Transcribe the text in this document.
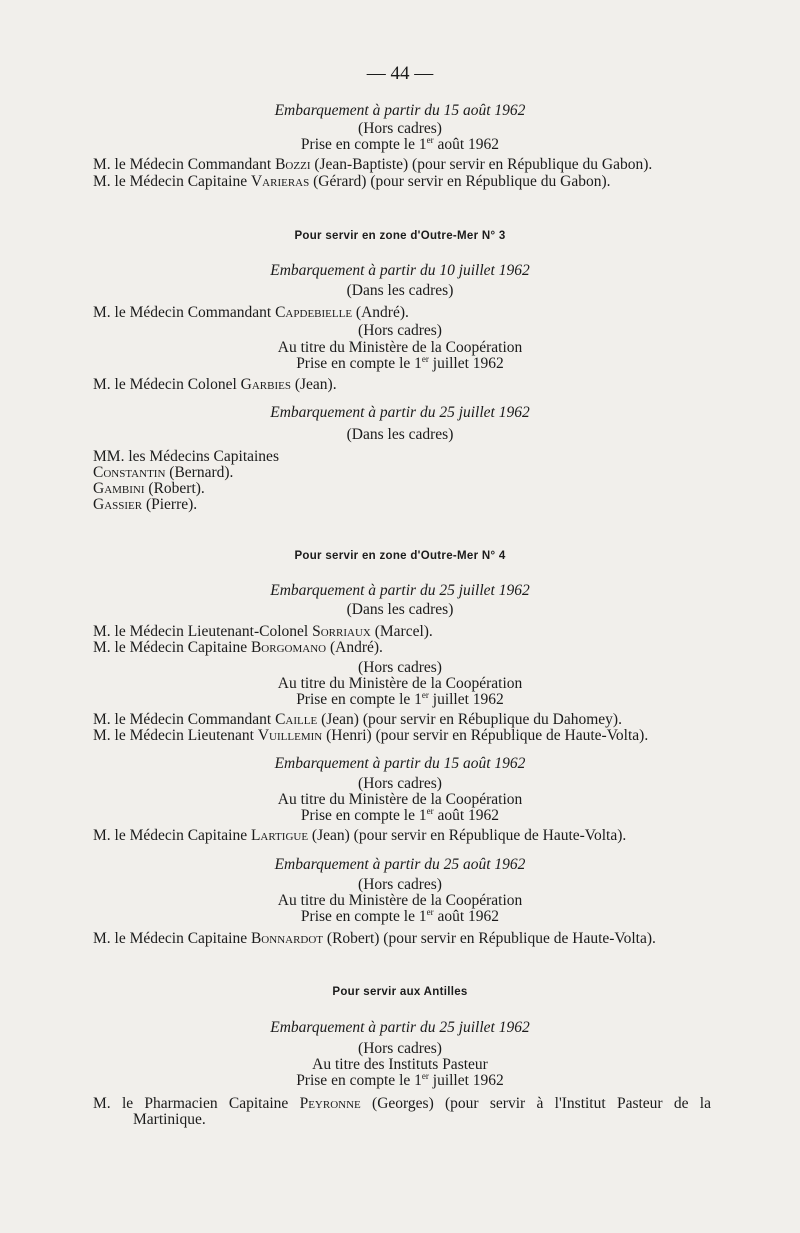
— 44 —
Embarquement à partir du 15 août 1962
(Hors cadres)
Prise en compte le 1er août 1962
M. le Médecin Commandant Bozzi (Jean-Baptiste) (pour servir en République du Gabon).
M. le Médecin Capitaine Varieras (Gérard) (pour servir en République du Gabon).
Pour servir en zone d'Outre-Mer N° 3
Embarquement à partir du 10 juillet 1962
(Dans les cadres)
M. le Médecin Commandant Capdebielle (André).
(Hors cadres)
Au titre du Ministère de la Coopération
Prise en compte le 1er juillet 1962
M. le Médecin Colonel Garbies (Jean).
Embarquement à partir du 25 juillet 1962
(Dans les cadres)
MM. les Médecins Capitaines
Constantin (Bernard).
Gambini (Robert).
Gassier (Pierre).
Pour servir en zone d'Outre-Mer N° 4
Embarquement à partir du 25 juillet 1962
(Dans les cadres)
M. le Médecin Lieutenant-Colonel Sorriaux (Marcel).
M. le Médecin Capitaine Borgomano (André).
(Hors cadres)
Au titre du Ministère de la Coopération
Prise en compte le 1er juillet 1962
M. le Médecin Commandant Caille (Jean) (pour servir en Rébuplique du Dahomey).
M. le Médecin Lieutenant Vuillemin (Henri) (pour servir en République de Haute-Volta).
Embarquement à partir du 15 août 1962
(Hors cadres)
Au titre du Ministère de la Coopération
Prise en compte le 1er août 1962
M. le Médecin Capitaine Lartigue (Jean) (pour servir en République de Haute-Volta).
Embarquement à partir du 25 août 1962
(Hors cadres)
Au titre du Ministère de la Coopération
Prise en compte le 1er août 1962
M. le Médecin Capitaine Bonnardot (Robert) (pour servir en République de Haute-Volta).
Pour servir aux Antilles
Embarquement à partir du 25 juillet 1962
(Hors cadres)
Au titre des Instituts Pasteur
Prise en compte le 1er juillet 1962
M. le Pharmacien Capitaine Peyronne (Georges) (pour servir à l'Institut Pasteur de la
Martinique.
